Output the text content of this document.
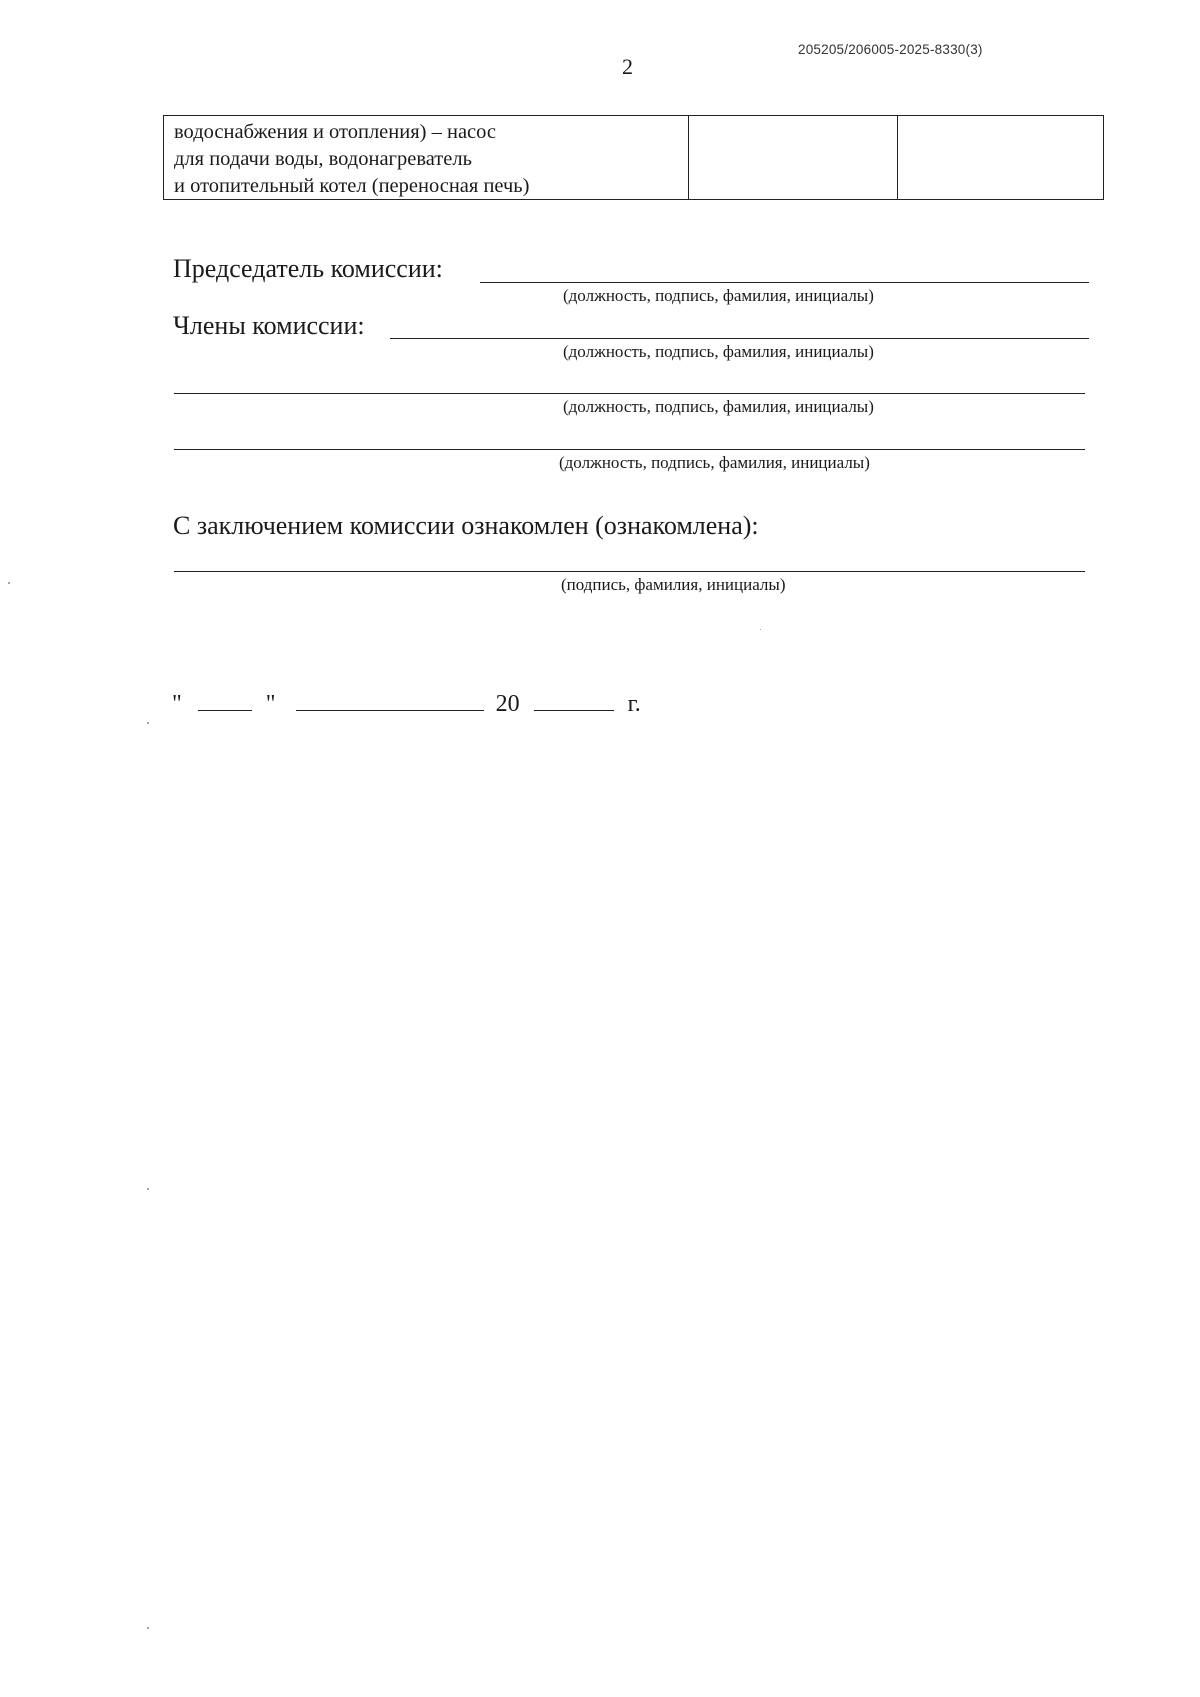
2
205205/206005-2025-8330(3)
водоснабжения и отопления) – насос
для подачи воды, водонагреватель
и отопительный котел (переносная печь)
Председатель комиссии:
(должность, подпись, фамилия, инициалы)
Члены комиссии:
(должность, подпись, фамилия, инициалы)
(должность, подпись, фамилия, инициалы)
(должность, подпись, фамилия, инициалы)
С заключением комиссии ознакомлен (ознакомлена):
(подпись, фамилия, инициалы)
"	"	20	г.
